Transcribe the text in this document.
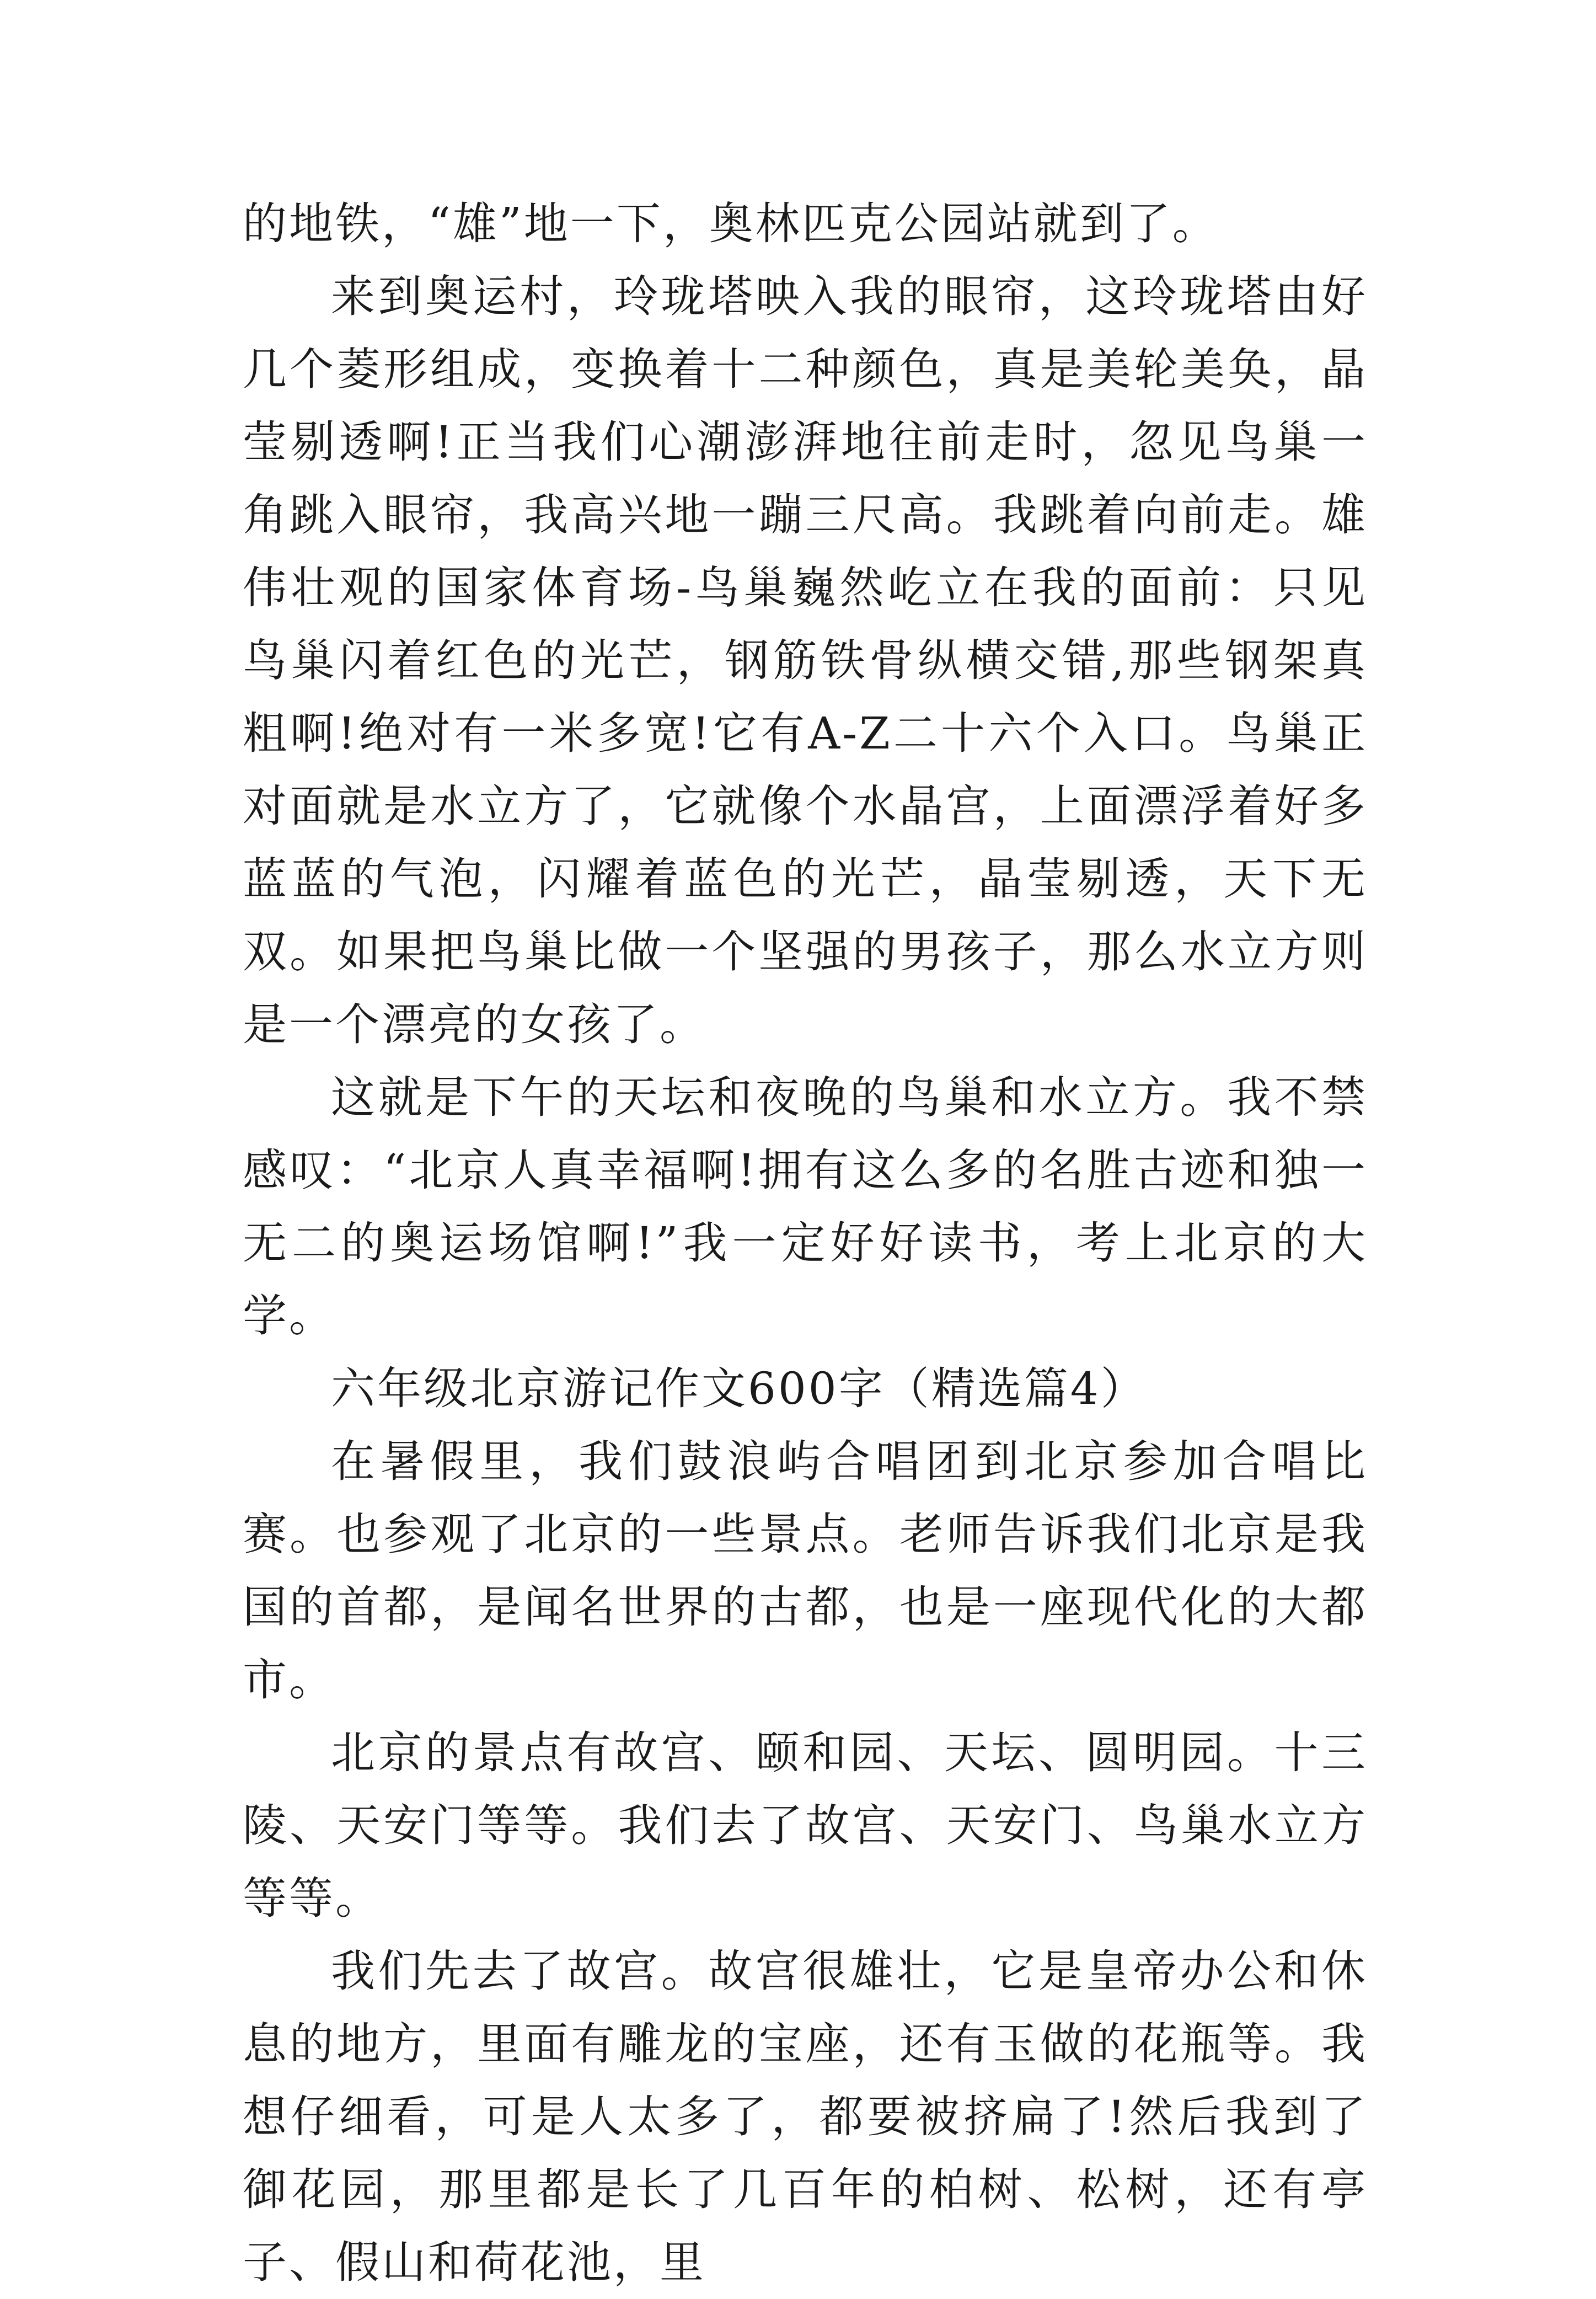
的地铁，“雄”地一下，奥林匹克公园站就到了。

来到奥运村，玲珑塔映入我的眼帘，这玲珑塔由好几个菱形组成，变换着十二种颜色，真是美轮美奂，晶莹剔透啊!正当我们心潮澎湃地往前走时，忽见鸟巢一角跳入眼帘，我高兴地一蹦三尺高。我跳着向前走。雄伟壮观的国家体育场-鸟巢巍然屹立在我的面前：只见鸟巢闪着红色的光芒，钢筋铁骨纵横交错,那些钢架真粗啊!绝对有一米多宽!它有A-Z二十六个入口。鸟巢正对面就是水立方了，它就像个水晶宫，上面漂浮着好多蓝蓝的气泡，闪耀着蓝色的光芒，晶莹剔透，天下无双。如果把鸟巢比做一个坚强的男孩子，那么水立方则是一个漂亮的女孩了。

这就是下午的天坛和夜晚的鸟巢和水立方。我不禁感叹：“北京人真幸福啊!拥有这么多的名胜古迹和独一无二的奥运场馆啊!”我一定好好读书，考上北京的大学。

六年级北京游记作文600字（精选篇4）

在暑假里，我们鼓浪屿合唱团到北京参加合唱比赛。也参观了北京的一些景点。老师告诉我们北京是我国的首都，是闻名世界的古都，也是一座现代化的大都市。

北京的景点有故宫、颐和园、天坛、圆明园。十三陵、天安门等等。我们去了故宫、天安门、鸟巢水立方等等。

我们先去了故宫。故宫很雄壮，它是皇帝办公和休息的地方，里面有雕龙的宝座，还有玉做的花瓶等。我想仔细看，可是人太多了，都要被挤扁了!然后我到了御花园，那里都是长了几百年的柏树、松树，还有亭子、假山和荷花池，里
